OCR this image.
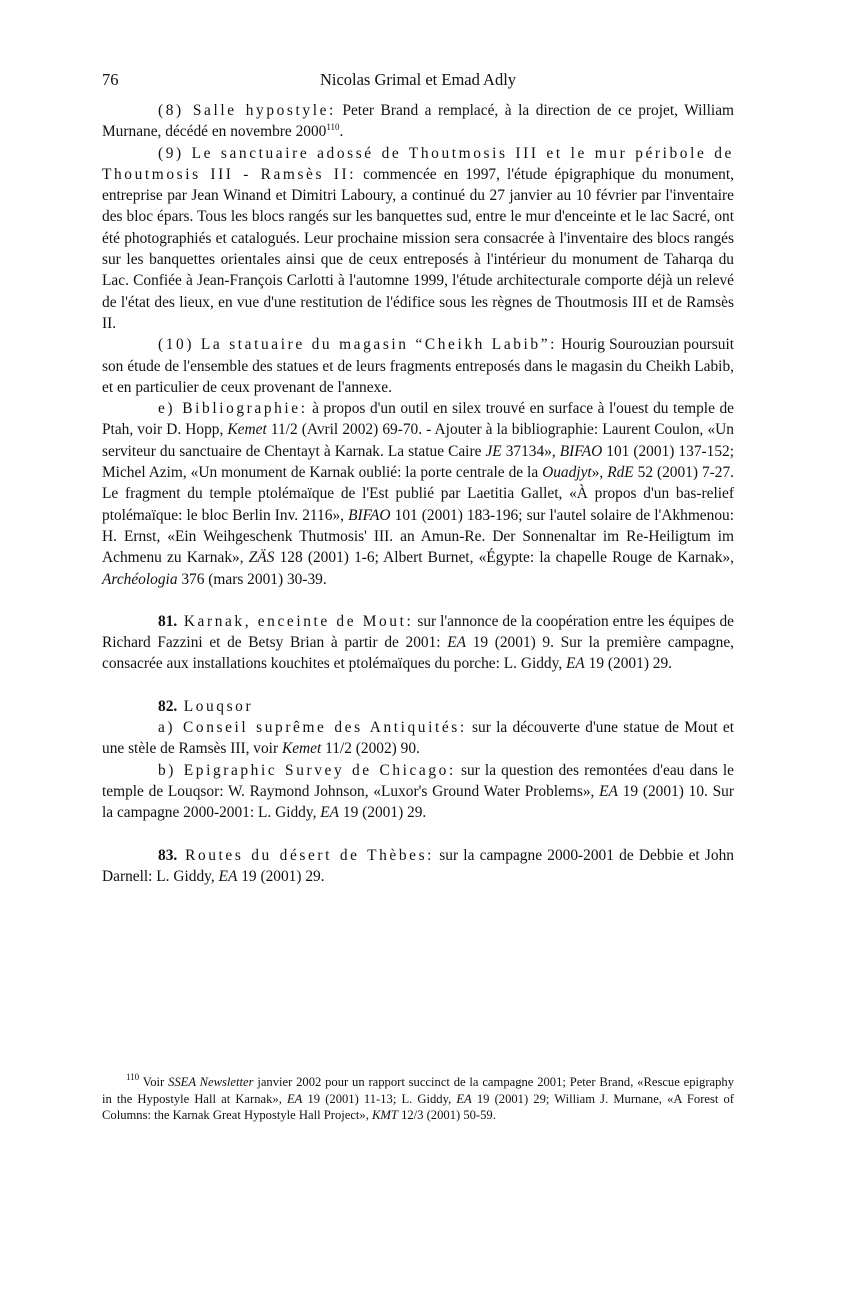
76	Nicolas Grimal et Emad Adly

(8) Salle hypostyle: Peter Brand a remplacé, à la direction de ce projet, William Murnane, décédé en novembre 2000$^{110}$.

(9) Le sanctuaire adossé de Thoutmosis III et le mur péribole de Thoutmosis III - Ramsès II: commencée en 1997, l'étude épigraphique du monument, entreprise par Jean Winand et Dimitri Laboury, a continué du 27 janvier au 10 février par l'inventaire des bloc épars. Tous les blocs rangés sur les banquettes sud, entre le mur d'enceinte et le lac Sacré, ont été photographiés et catalogués. Leur prochaine mission sera consacrée à l'inventaire des blocs rangés sur les banquettes orientales ainsi que de ceux entreposés à l'intérieur du monument de Taharqa du Lac. Confiée à Jean-François Carlotti à l'automne 1999, l'étude architecturale comporte déjà un relevé de l'état des lieux, en vue d'une restitution de l'édifice sous les règnes de Thoutmosis III et de Ramsès II.

(10) La statuaire du magasin “Cheikh Labib”: Hourig Sourouzian poursuit son étude de l'ensemble des statues et de leurs fragments entreposés dans le magasin du Cheikh Labib, et en particulier de ceux provenant de l'annexe.

e) Bibliographie: à propos d'un outil en silex trouvé en surface à l'ouest du temple de Ptah, voir D. Hopp, Kemet 11/2 (Avril 2002) 69-70. - Ajouter à la bibliographie: Laurent Coulon, «Un serviteur du sanctuaire de Chentayt à Karnak. La statue Caire JE 37134», BIFAO 101 (2001) 137-152; Michel Azim, «Un monument de Karnak oublié: la porte centrale de la Ouadjyt», RdE 52 (2001) 7-27. Le fragment du temple ptolémaïque de l'Est publié par Laetitia Gallet, «À propos d'un bas-relief ptolémaïque: le bloc Berlin Inv. 2116», BIFAO 101 (2001) 183-196; sur l'autel solaire de l'Akhmenou: H. Ernst, «Ein Weihgeschenk Thutmosis' III. an Amun-Re. Der Sonnenaltar im Re-Heiligtum im Achmenu zu Karnak», ZÄS 128 (2001) 1-6; Albert Burnet, «Égypte: la chapelle Rouge de Karnak», Archéologia 376 (mars 2001) 30-39.

81. Karnak, enceinte de Mout: sur l'annonce de la coopération entre les équipes de Richard Fazzini et de Betsy Brian à partir de 2001: EA 19 (2001) 9. Sur la première campagne, consacrée aux installations kouchites et ptolémaïques du porche: L. Giddy, EA 19 (2001) 29.

82. Louqsor

a) Conseil suprême des Antiquités: sur la découverte d'une statue de Mout et une stèle de Ramsès III, voir Kemet 11/2 (2002) 90.

b) Epigraphic Survey de Chicago: sur la question des remontées d'eau dans le temple de Louqsor: W. Raymond Johnson, «Luxor's Ground Water Problems», EA 19 (2001) 10. Sur la campagne 2000-2001: L. Giddy, EA 19 (2001) 29.

83. Routes du désert de Thèbes: sur la campagne 2000-2001 de Debbie et John Darnell: L. Giddy, EA 19 (2001) 29.

$^{110}$ Voir SSEA Newsletter janvier 2002 pour un rapport succinct de la campagne 2001; Peter Brand, «Rescue epigraphy in the Hypostyle Hall at Karnak», EA 19 (2001) 11-13; L. Giddy, EA 19 (2001) 29; William J. Murnane, «A Forest of Columns: the Karnak Great Hypostyle Hall Project», KMT 12/3 (2001) 50-59.
